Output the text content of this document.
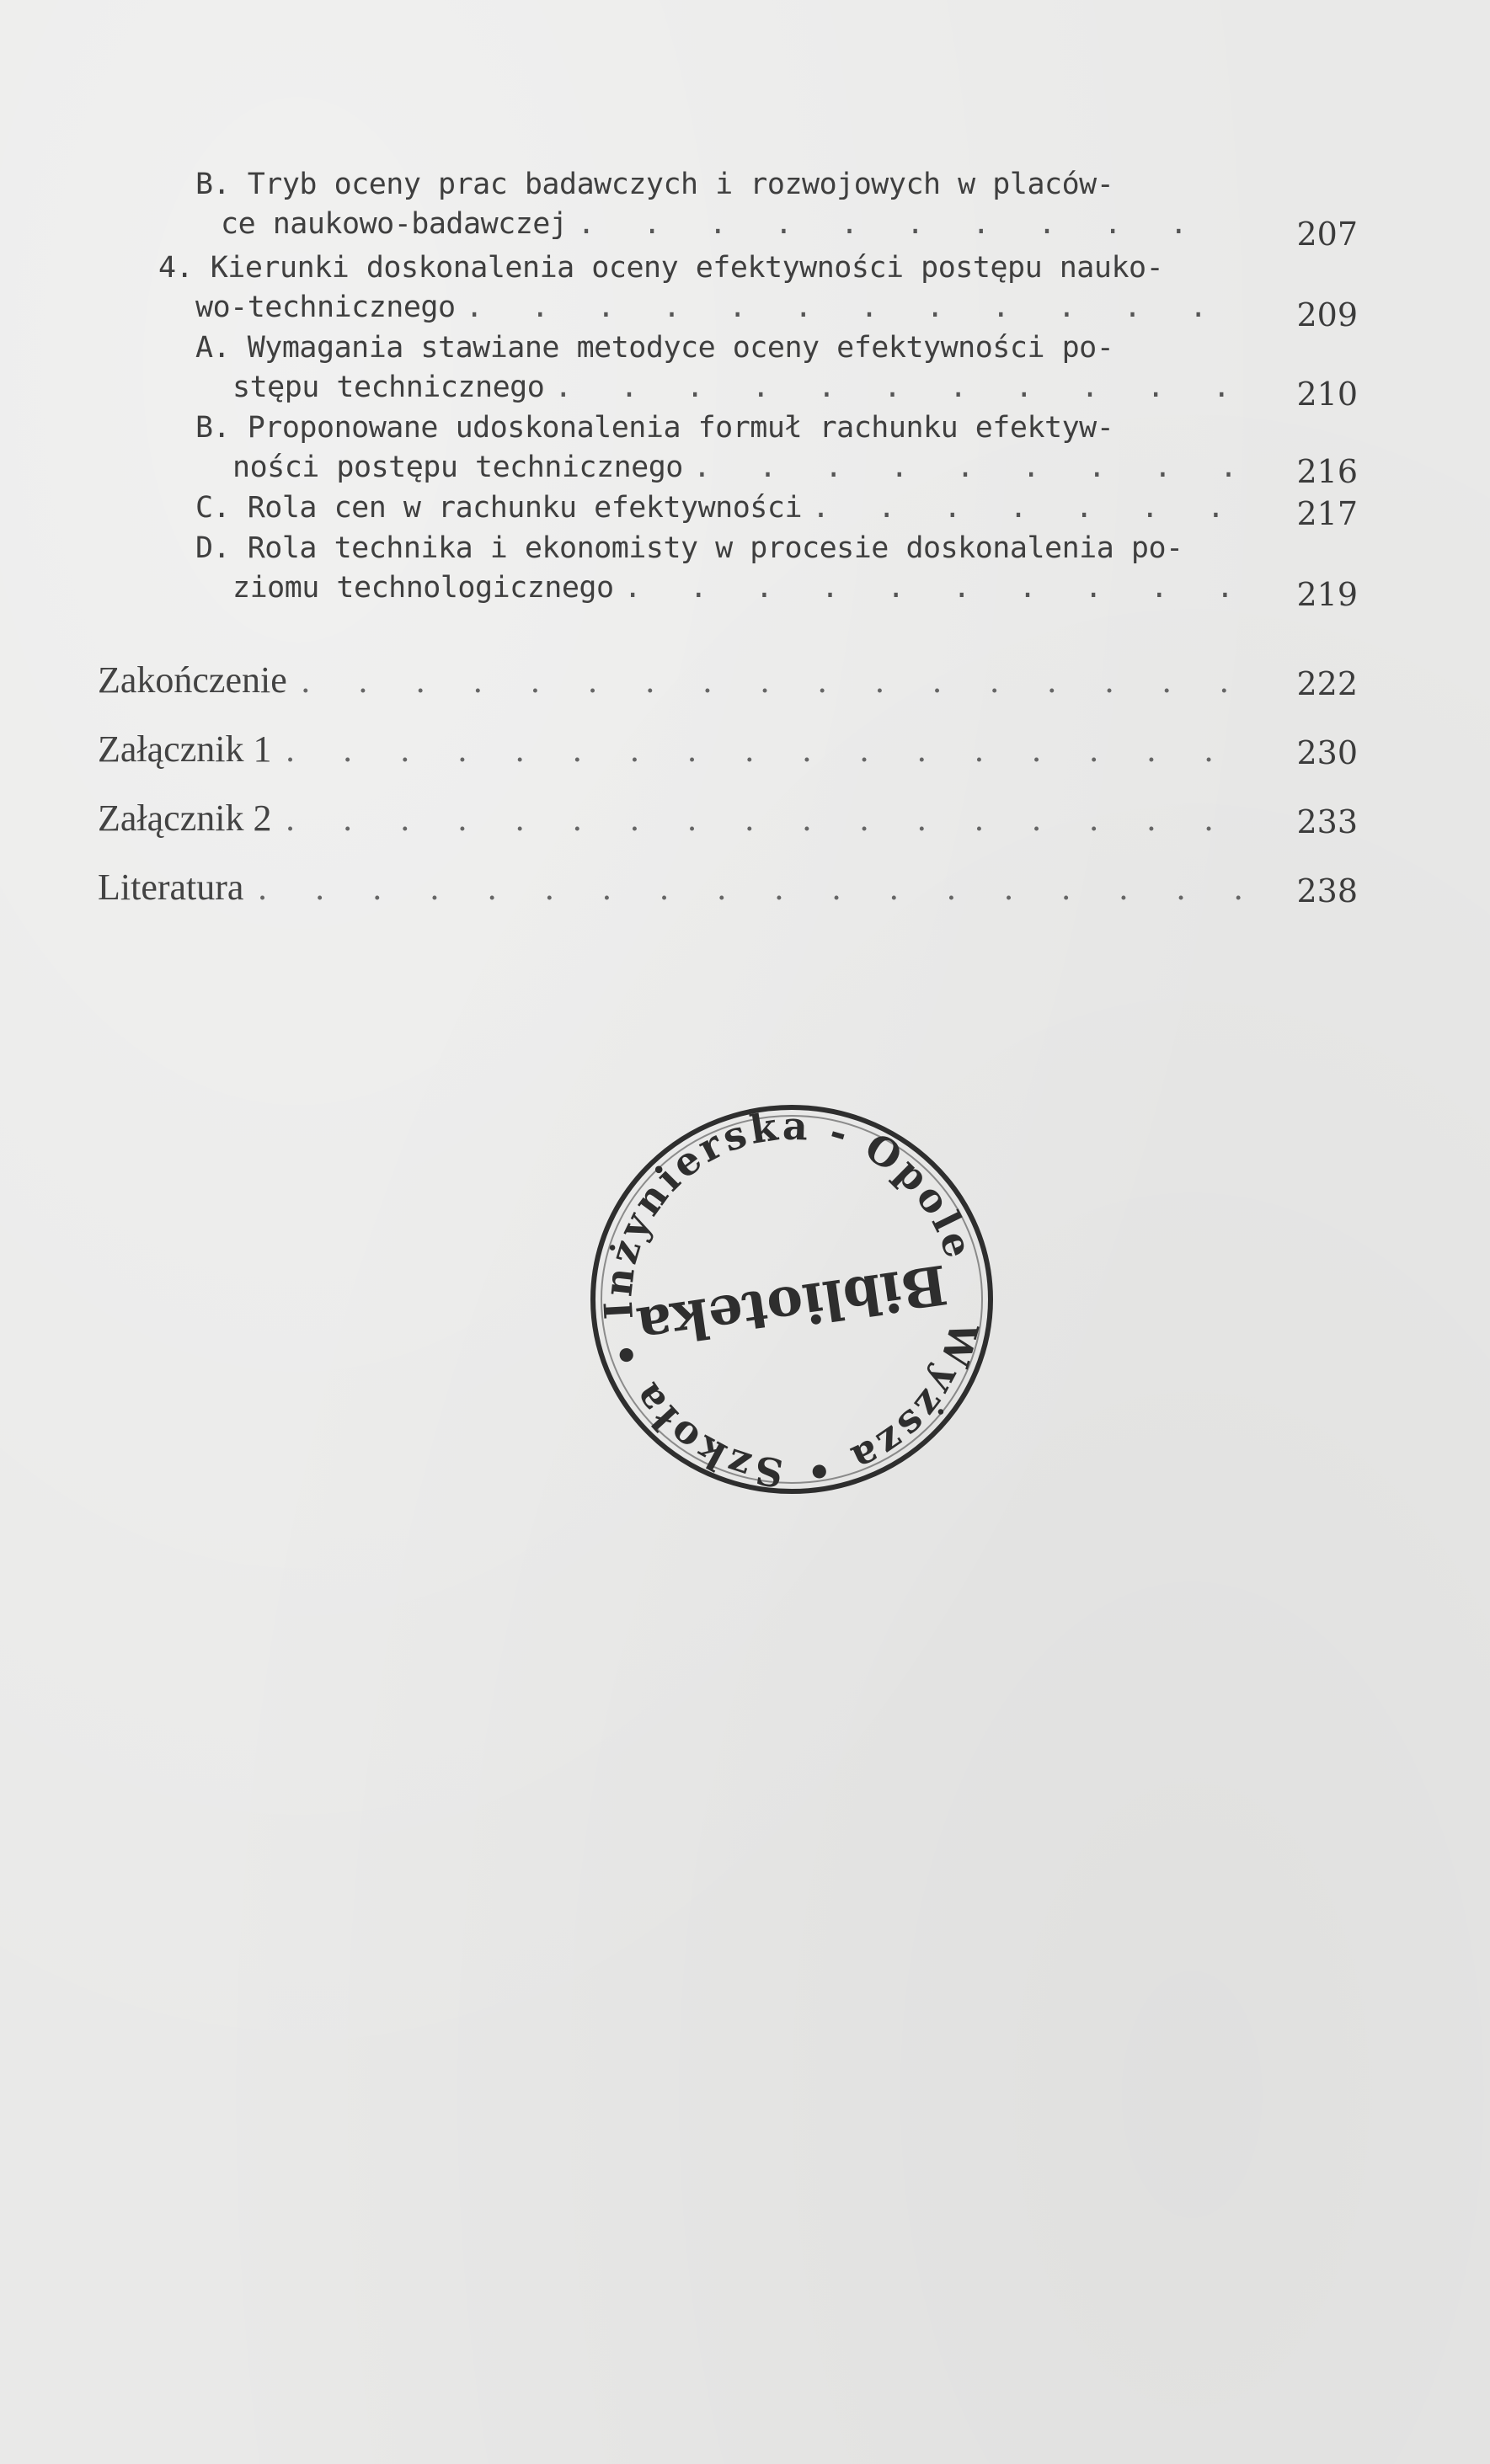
B. Tryb oceny prac badawczych i rozwojowych w placów-
ce naukowo-badawczej . . .	207
4. Kierunki doskonalenia oceny efektywności postępu nauko-
wo-technicznego . . .	209
A. Wymagania stawiane metodyce oceny efektywności po-
stępu technicznego . . .	210
B. Proponowane udoskonalenia formuł rachunku efektyw-
ności postępu technicznego . . .	216
C. Rola cen w rachunku efektywności . . .	217
D. Rola technika i ekonomisty w procesie doskonalenia po-
ziomu technologicznego . . .	219
Zakończenie . . .	222
Załącznik 1 . . .	230
Załącznik 2 . . .	233
Literatura . . .	238
Wyższa • Szkoła • Inżynierska - Opole
Biblioteka
